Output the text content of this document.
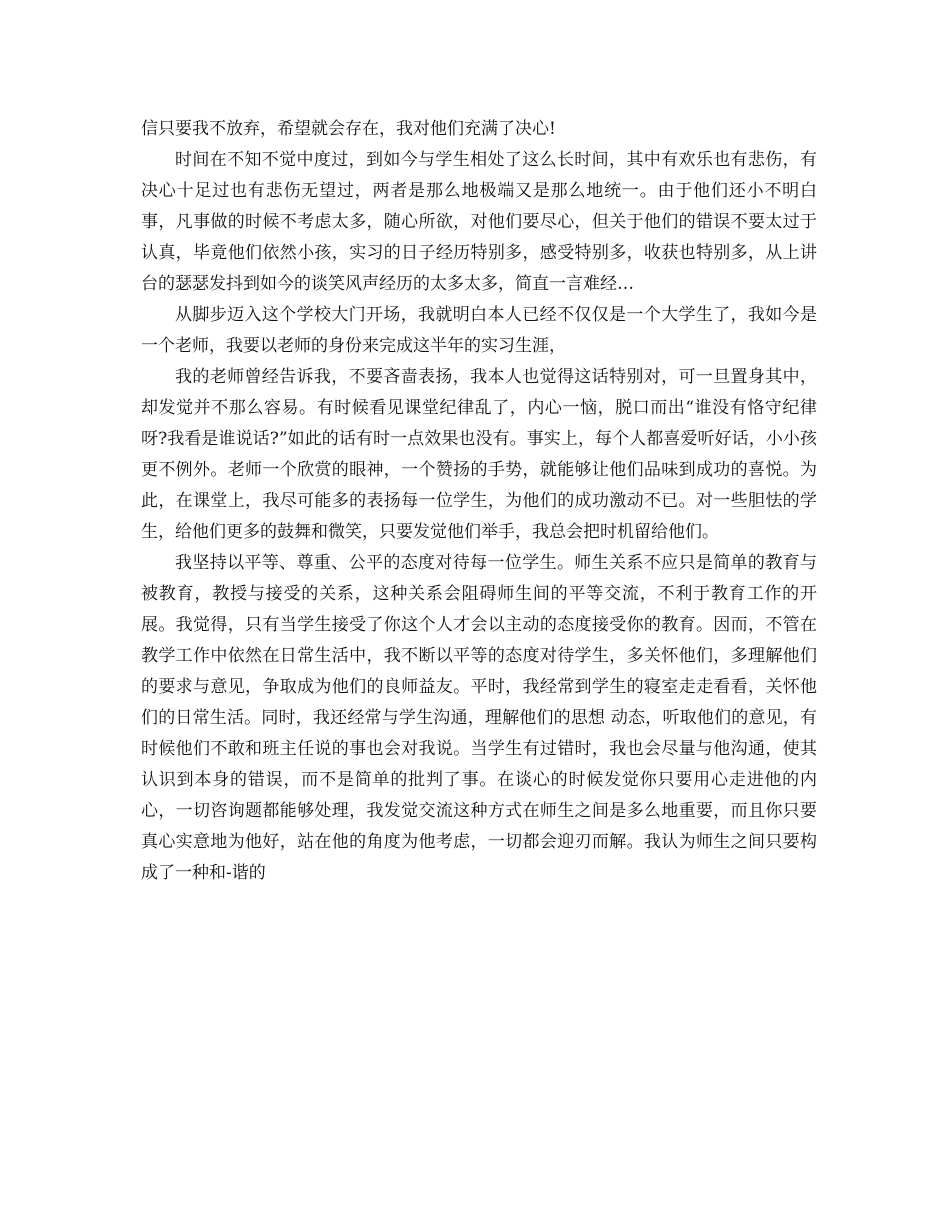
信只要我不放弃，希望就会存在，我对他们充满了决心!

时间在不知不觉中度过，到如今与学生相处了这么长时间，其中有欢乐也有悲伤，有决心十足过也有悲伤无望过，两者是那么地极端又是那么地统一。由于他们还小不明白事，凡事做的时候不考虑太多，随心所欲，对他们要尽心，但关于他们的错误不要太过于认真，毕竟他们依然小孩，实习的日子经历特别多，感受特别多，收获也特别多，从上讲台的瑟瑟发抖到如今的谈笑风声经历的太多太多，简直一言难经…

从脚步迈入这个学校大门开场，我就明白本人已经不仅仅是一个大学生了，我如今是一个老师，我要以老师的身份来完成这半年的实习生涯，

我的老师曾经告诉我，不要吝啬表扬，我本人也觉得这话特别对，可一旦置身其中，却发觉并不那么容易。有时候看见课堂纪律乱了，内心一恼，脱口而出“谁没有恪守纪律呀?我看是谁说话?”如此的话有时一点效果也没有。事实上，每个人都喜爱听好话，小小孩更不例外。老师一个欣赏的眼神，一个赞扬的手势，就能够让他们品味到成功的喜悦。为此，在课堂上，我尽可能多的表扬每一位学生，为他们的成功激动不已。对一些胆怯的学生，给他们更多的鼓舞和微笑，只要发觉他们举手，我总会把时机留给他们。

我坚持以平等、尊重、公平的态度对待每一位学生。师生关系不应只是简单的教育与被教育，教授与接受的关系，这种关系会阻碍师生间的平等交流，不利于教育工作的开展。我觉得，只有当学生接受了你这个人才会以主动的态度接受你的教育。因而，不管在教学工作中依然在日常生活中，我不断以平等的态度对待学生，多关怀他们，多理解他们的要求与意见，争取成为他们的良师益友。平时，我经常到学生的寝室走走看看，关怀他们的日常生活。同时，我还经常与学生沟通，理解他们的思想 动态，听取他们的意见，有时候他们不敢和班主任说的事也会对我说。当学生有过错时，我也会尽量与他沟通，使其认识到本身的错误，而不是简单的批判了事。在谈心的时候发觉你只要用心走进他的内心，一切咨询题都能够处理，我发觉交流这种方式在师生之间是多么地重要，而且你只要真心实意地为他好，站在他的角度为他考虑，一切都会迎刃而解。我认为师生之间只要构成了一种和-谐的
